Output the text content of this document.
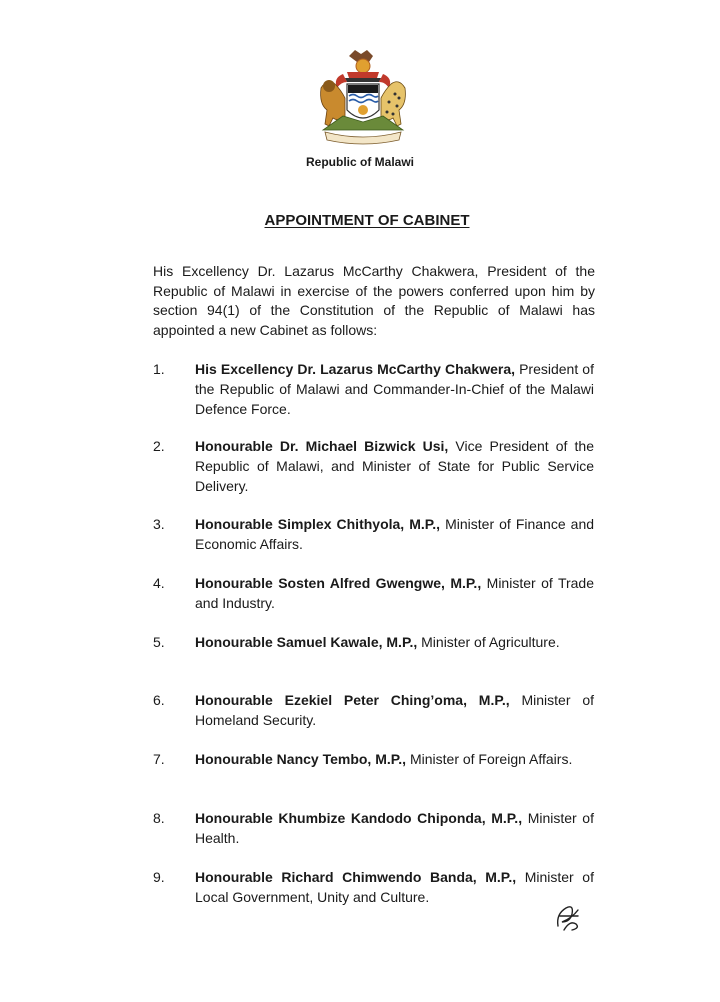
Republic of Malawi
APPOINTMENT OF CABINET
His Excellency Dr. Lazarus McCarthy Chakwera, President of the Republic of Malawi in exercise of the powers conferred upon him by section 94(1) of the Constitution of the Republic of Malawi has appointed a new Cabinet as follows:
1. His Excellency Dr. Lazarus McCarthy Chakwera, President of the Republic of Malawi and Commander-In-Chief of the Malawi Defence Force.
2. Honourable Dr. Michael Bizwick Usi, Vice President of the Republic of Malawi, and Minister of State for Public Service Delivery.
3. Honourable Simplex Chithyola, M.P., Minister of Finance and Economic Affairs.
4. Honourable Sosten Alfred Gwengwe, M.P., Minister of Trade and Industry.
5. Honourable Samuel Kawale, M.P., Minister of Agriculture.
6. Honourable Ezekiel Peter Ching’oma, M.P., Minister of Homeland Security.
7. Honourable Nancy Tembo, M.P., Minister of Foreign Affairs.
8. Honourable Khumbize Kandodo Chiponda, M.P., Minister of Health.
9. Honourable Richard Chimwendo Banda, M.P., Minister of Local Government, Unity and Culture.
